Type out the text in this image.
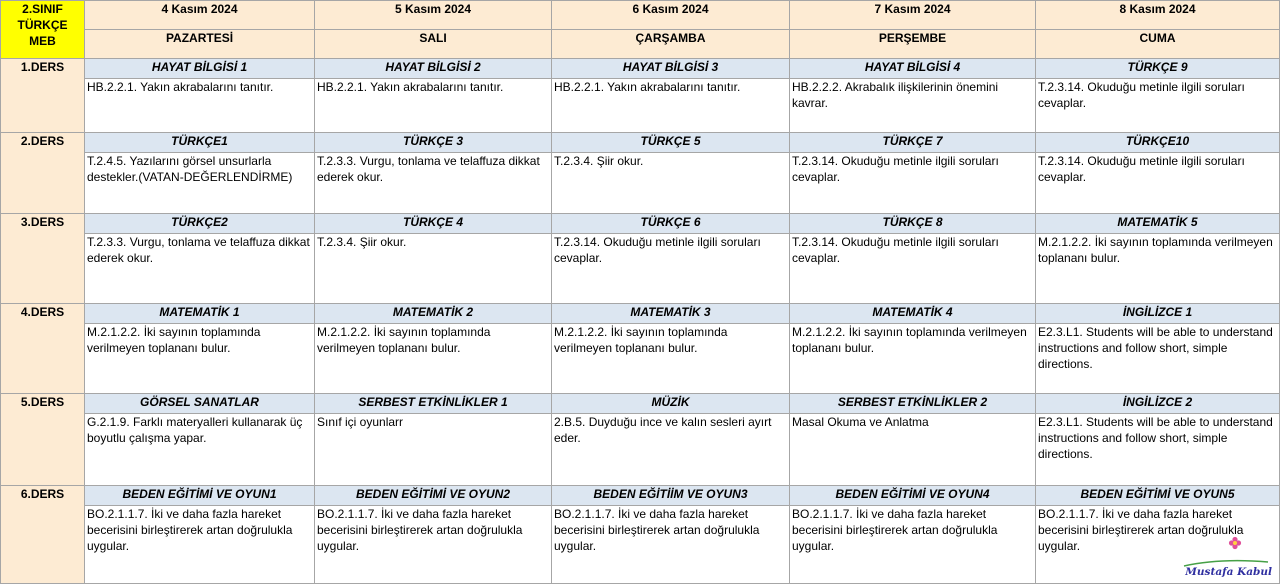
2.SINIF
TÜRKÇE
MEB	4 Kasım 2024	5 Kasım 2024	6 Kasım 2024	7 Kasım 2024	8 Kasım 2024
	PAZARTESİ	SALI	ÇARŞAMBA	PERŞEMBE	CUMA
1.DERS	HAYAT BİLGİSİ 1	HAYAT BİLGİSİ 2	HAYAT BİLGİSİ 3	HAYAT BİLGİSİ 4	TÜRKÇE 9
	HB.2.2.1. Yakın akrabalarını tanıtır.	HB.2.2.1. Yakın akrabalarını tanıtır.	HB.2.2.1. Yakın akrabalarını tanıtır.	HB.2.2.2. Akrabalık ilişkilerinin önemini kavrar.	T.2.3.14. Okuduğu metinle ilgili soruları cevaplar.
2.DERS	TÜRKÇE1	TÜRKÇE 3	TÜRKÇE 5	TÜRKÇE 7	TÜRKÇE10
	T.2.4.5. Yazılarını görsel unsurlarla destekler.(VATAN-DEĞERLENDİRME)	T.2.3.3. Vurgu, tonlama ve telaffuza dikkat ederek okur.	T.2.3.4. Şiir okur.	T.2.3.14. Okuduğu metinle ilgili soruları cevaplar.	T.2.3.14. Okuduğu metinle ilgili soruları cevaplar.
3.DERS	TÜRKÇE2	TÜRKÇE 4	TÜRKÇE 6	TÜRKÇE 8	MATEMATİK 5
	T.2.3.3. Vurgu, tonlama ve telaffuza dikkat ederek okur.	T.2.3.4. Şiir okur.	T.2.3.14. Okuduğu metinle ilgili soruları cevaplar.	T.2.3.14. Okuduğu metinle ilgili soruları cevaplar.	M.2.1.2.2. İki sayının toplamında verilmeyen toplananı bulur.
4.DERS	MATEMATİK 1	MATEMATİK 2	MATEMATİK 3	MATEMATİK 4	İNGİLİZCE 1
	M.2.1.2.2. İki sayının toplamında verilmeyen toplananı bulur.	M.2.1.2.2. İki sayının toplamında verilmeyen toplananı bulur.	M.2.1.2.2. İki sayının toplamında verilmeyen toplananı bulur.	M.2.1.2.2. İki sayının toplamında verilmeyen toplananı bulur.	E2.3.L1. Students will be able to understand instructions and follow short, simple directions.
5.DERS	GÖRSEL SANATLAR	SERBEST ETKİNLİKLER 1	MÜZİK	SERBEST ETKİNLİKLER 2	İNGİLİZCE 2
	G.2.1.9. Farklı materyalleri kullanarak üç boyutlu çalışma yapar.	Sınıf içi oyunlarr	2.B.5. Duyduğu ince ve kalın sesleri ayırt eder.	Masal Okuma ve Anlatma	E2.3.L1. Students will be able to understand instructions and follow short, simple directions.
6.DERS	BEDEN EĞİTİMİ VE OYUN1	BEDEN EĞİTİMİ VE OYUN2	BEDEN EĞİTİİM VE OYUN3	BEDEN EĞİTİMİ VE OYUN4	BEDEN EĞİTİMİ VE OYUN5
	BO.2.1.1.7. İki ve daha fazla hareket becerisini birleştirerek artan doğrulukla uygular.	BO.2.1.1.7. İki ve daha fazla hareket becerisini birleştirerek artan doğrulukla uygular.	BO.2.1.1.7. İki ve daha fazla hareket becerisini birleştirerek artan doğrulukla uygular.	BO.2.1.1.7. İki ve daha fazla hareket becerisini birleştirerek artan doğrulukla uygular.	BO.2.1.1.7. İki ve daha fazla hareket becerisini birleştirerek artan doğrulukla uygular.
Mustafa Kabul
